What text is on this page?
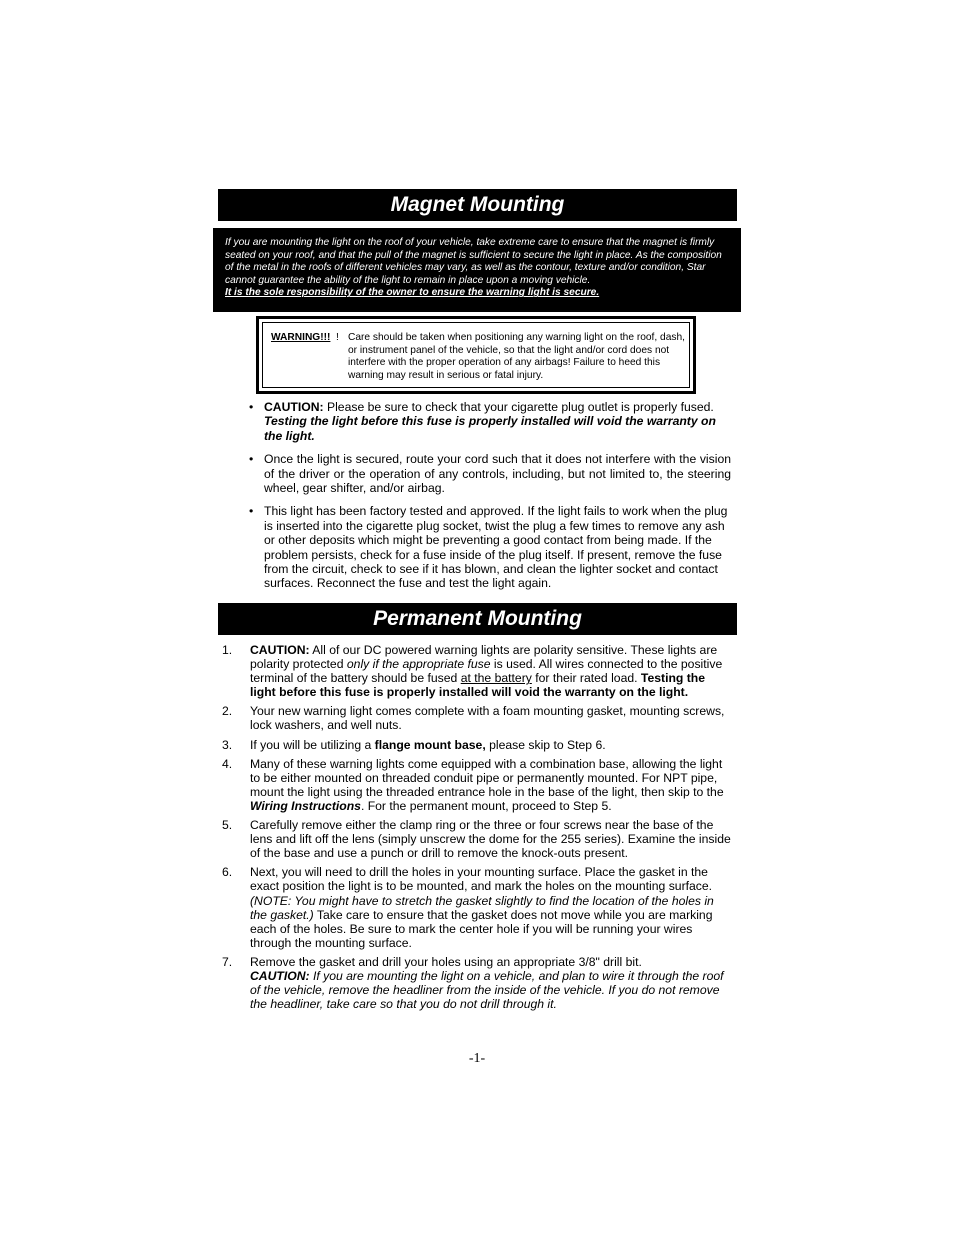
Magnet Mounting
If you are mounting the light on the roof of your vehicle, take extreme care to ensure that the magnet is firmly seated on your roof, and that the pull of the magnet is sufficient to secure the light in place. As the composition of the metal in the roofs of different vehicles may vary, as well as the contour, texture and/or condition, Star cannot guarantee the ability of the light to remain in place upon a moving vehicle.
It is the sole responsibility of the owner to ensure the warning light is secure.
WARNING!!! ! Care should be taken when positioning any warning light on the roof, dash, or instrument panel of the vehicle, so that the light and/or cord does not interfere with the proper operation of any airbags! Failure to heed this warning may result in serious or fatal injury.
• CAUTION: Please be sure to check that your cigarette plug outlet is properly fused.
Testing the light before this fuse is properly installed will void the warranty on the light.
• Once the light is secured, route your cord such that it does not interfere with the vision of the driver or the operation of any controls, including, but not limited to, the steering wheel, gear shifter, and/or airbag.
• This light has been factory tested and approved. If the light fails to work when the plug is inserted into the cigarette plug socket, twist the plug a few times to remove any ash or other deposits which might be preventing a good contact from being made. If the problem persists, check for a fuse inside of the plug itself. If present, remove the fuse from the circuit, check to see if it has blown, and clean the lighter socket and contact surfaces. Reconnect the fuse and test the light again.
Permanent Mounting
1. CAUTION: All of our DC powered warning lights are polarity sensitive. These lights are polarity protected only if the appropriate fuse is used. All wires connected to the positive terminal of the battery should be fused at the battery for their rated load. Testing the light before this fuse is properly installed will void the warranty on the light.
2. Your new warning light comes complete with a foam mounting gasket, mounting screws, lock washers, and well nuts.
3. If you will be utilizing a flange mount base, please skip to Step 6.
4. Many of these warning lights come equipped with a combination base, allowing the light to be either mounted on threaded conduit pipe or permanently mounted. For NPT pipe, mount the light using the threaded entrance hole in the base of the light, then skip to the Wiring Instructions. For the permanent mount, proceed to Step 5.
5. Carefully remove either the clamp ring or the three or four screws near the base of the lens and lift off the lens (simply unscrew the dome for the 255 series). Examine the inside of the base and use a punch or drill to remove the knock-outs present.
6. Next, you will need to drill the holes in your mounting surface. Place the gasket in the exact position the light is to be mounted, and mark the holes on the mounting surface. (NOTE: You might have to stretch the gasket slightly to find the location of the holes in the gasket.) Take care to ensure that the gasket does not move while you are marking each of the holes. Be sure to mark the center hole if you will be running your wires through the mounting surface.
7. Remove the gasket and drill your holes using an appropriate 3/8" drill bit.
CAUTION: If you are mounting the light on a vehicle, and plan to wire it through the roof of the vehicle, remove the headliner from the inside of the vehicle. If you do not remove the headliner, take care so that you do not drill through it.
-1-
